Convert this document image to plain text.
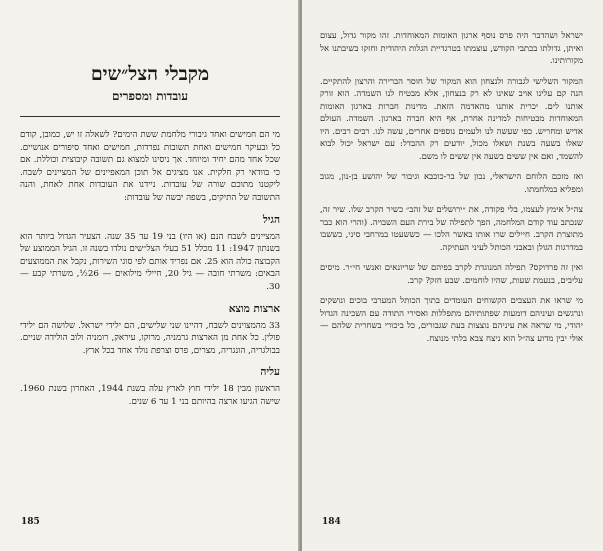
מקבלי הצל״שים
עובדות ומספרים

מי הם חמישים ואחד גיבורי מלחמת ששת הימים? לשאלה זו יש, כמובן, קודם כל ובעיקר חמישים ואחת תשובות נפרדות, חמישים ואחד סיפורים אנושיים. שכל אחד מהם יחיד ומיוחד. אך ניסינו למצוא גם תשובה קיבוצית וכוללת. אם כי בוודאי רק חלקית. אנו מציגים אל תוכן המאפיינים של המציינים לשבח. ליקטנו מתוכם שורה של עובדות. ניידנו את העובדות אחת לאחת, והנה התשובה של התיקים, בשפה יבשה של עובדות:

הגיל

המציינים לשבח הנם (או היו) בני 19 עד 35 שנה. הצעיר הגדול ביותר הוא בשנתון 1947: 11 מכלל 51 בעלי הצל״שים נולדו בשנה זו. הגיל הממוצע של הקבוצה כולה הוא 25. אם נפריד אותם לפי סוגי השירות, נקבל את הממוצעים הבאים: משרתי חובה — גיל 20, חיילי מילואים — 26½, משרתי קבע — 30.

ארצות מוצא

33 מהמצוינים לשבח, דהיינו שני שלישים, הם ילידי ישראל. שלושה הם ילידי פולין. כל אחת מן הארצות גרמניה, מרוקו, עיראק, רומניה ולוב הולידה שניים. בבולגריה, הונגריה, מצרים, פרס וצרפת נולד אחד בכל ארץ.

עליה

הראשון מבין 18 ילידי חוץ לארץ עלה בשנת 1944, האחרון בשנת 1960. שישה הגיעו ארצה בהיותם בני 1 עד 6 שנים.

185

ישראל ושהדבר היה פרס נוסף ארגון האומות המאוחדות. זהו מקור גדול, עצום ואיתן, גדולתו בכתבי הקודש, עוצמתו בטרגדיית הגלות היהודית וחזקו בשיבתנו אל מקורותינו.

המקור השלישי לגבורה ולנצחון הוא המקור של חוסר הברירה והרצון להתקיים. הנה קם עלינו אויב שאינו לא רק בנצחון, אלא מבטיח לנו השמדה. הוא זורק אותנו לים. יכרית אותנו מהאדמה הזאת. מדינות חברות בארגון האומות המאוחדות מבטיחות למדינה אחרת, אף היא חברה בארגון. השמדה. העולם אדיש ומחריש. כפי שעשה לנו ולעמים נוספים אחרים, עשה לנו. רבים רבים. היו שאלו בשעה בשנת ושאלו מכול, יודעים רק ההבדל: עם ישראל יכול לבוא להשמד, ואם אין ששים בשעה אין ששים לו משם.

ואז מזכם הלוחם הישראלי, נכון של בר-כוכבא וגיבור של יהושע בן-נון, מגוב ומפליא במלחמתו.

צה״ל אימץ לעצמו, בלי פקודה, את ״ירושלים של זהב״ כשיר הקרב שלו. שיר זה, שנכתב עוד קודם המלחמה, הפך לתפילה של בירת העם השבויה. (והרי הוא כבר מתוצרת הקרב. חיילים שרו אותו באשר הלכו — כששעטו במרחבי סיני, כששבו במדרגות הגולן ובאבני הכותל לעיני העתיקה.

ואין זה פרדוקס? תפילה המנוגדת לקרב בפיהם של שריונאים ואנשי חי״ר. מיסים עליבים, בנעמת שעות, שהיו לוחמים. שבע חזק? קרב.

מי שראו את העצבים הקשוחים העומדים בתוך הכותל המערבי בוכים ונושקים ונרגשים ועיניהם דומעות שפתותיהם מתפללות ואסירי התודה עם השכינה הגדול יהודי, מי שראה את עיניהם נוצצות בעת שגבורים, כל ביכורי בשחרית שלהם — אולי יבין מדוע צה״ל הוא ניצח צבא בלתי מנוצח.

184
